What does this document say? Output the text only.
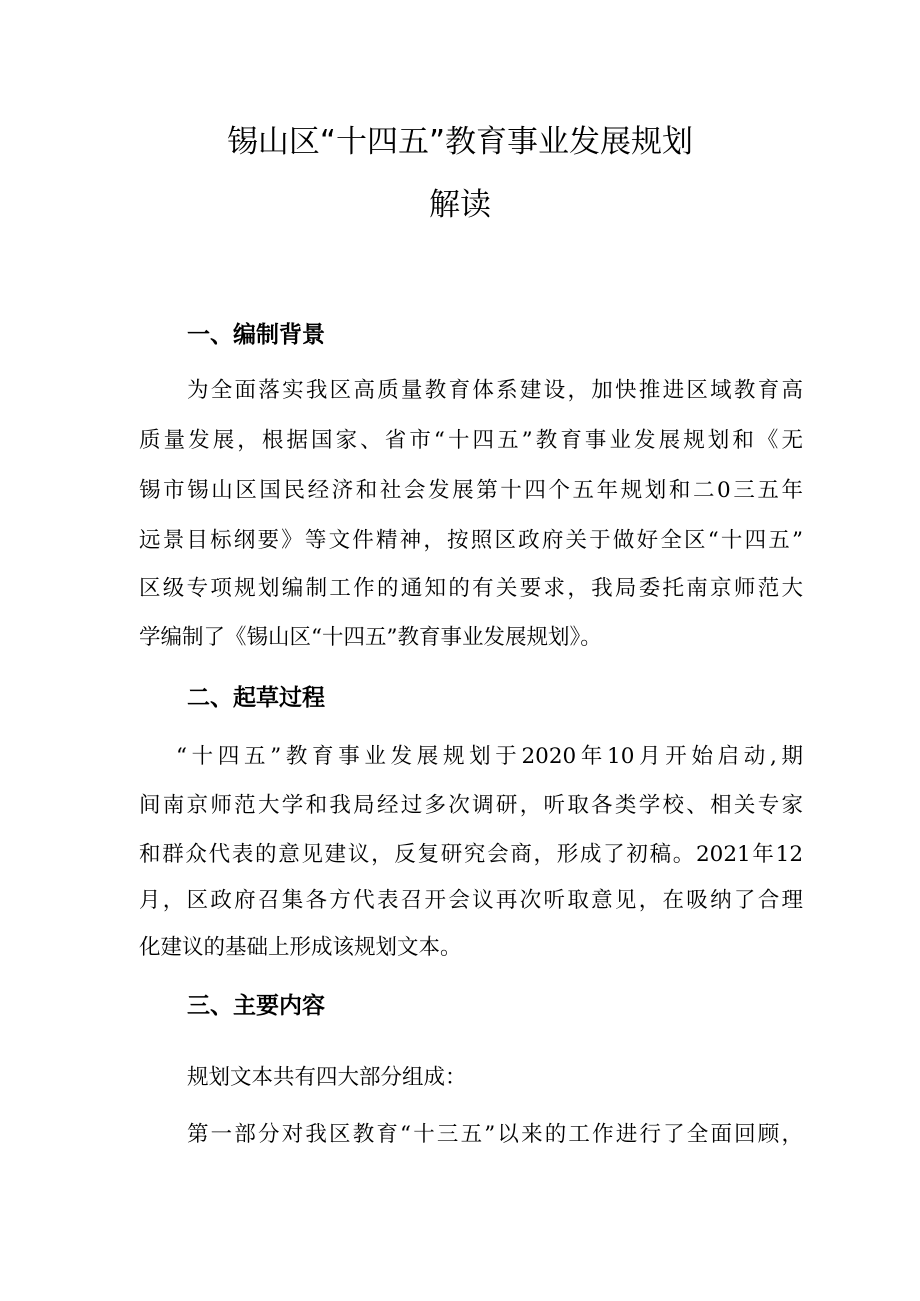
锡山区“十四五”教育事业发展规划
解读
一、编制背景
为全面落实我区高质量教育体系建设，加快推进区域教育高
质量发展，根据国家、省市“十四五”教育事业发展规划和《无
锡市锡山区国民经济和社会发展第十四个五年规划和二0三五年
远景目标纲要》等文件精神，按照区政府关于做好全区“十四五”
区级专项规划编制工作的通知的有关要求，我局委托南京师范大
学编制了《锡山区“十四五”教育事业发展规划》。
二、起草过程
“十四五”教育事业发展规划于2020年10月开始启动,期
间南京师范大学和我局经过多次调研，听取各类学校、相关专家
和群众代表的意见建议，反复研究会商，形成了初稿。2021年12
月，区政府召集各方代表召开会议再次听取意见，在吸纳了合理
化建议的基础上形成该规划文本。
三、主要内容
规划文本共有四大部分组成：
第一部分对我区教育“十三五”以来的工作进行了全面回顾，
